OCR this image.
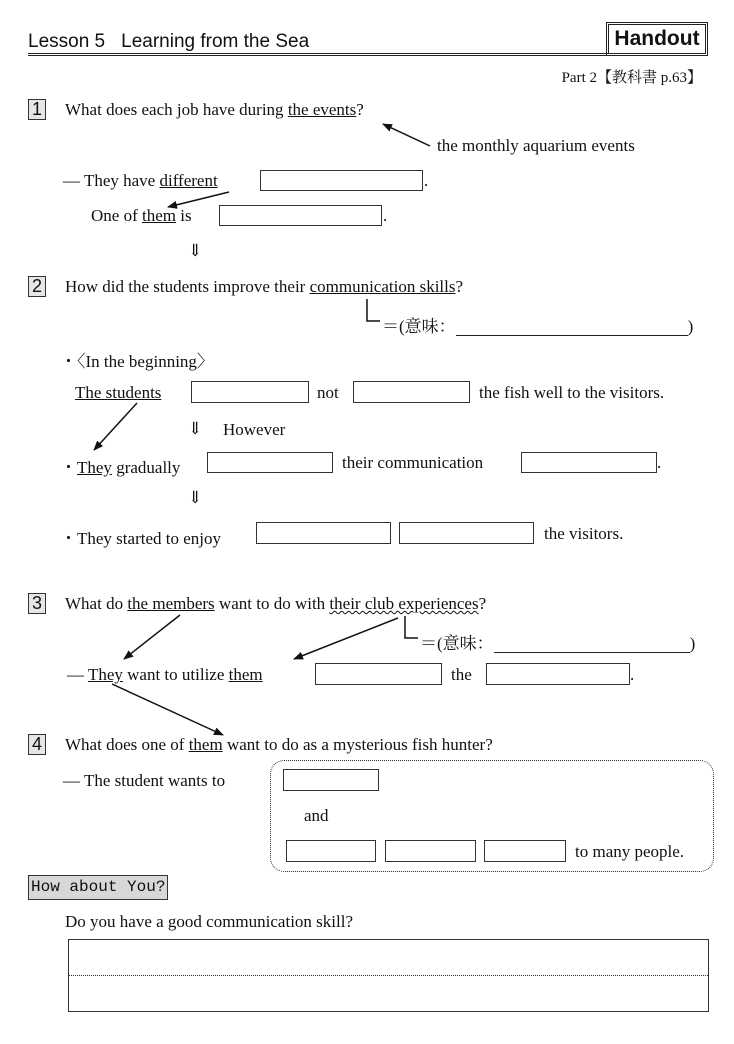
Lesson 5 Learning from the Sea	Handout
Part 2【教科書 p.63】
1 What does each job have during the events?
the monthly aquarium events
― They have different	.
One of them is	.
⇓
2 How did the students improve their communication skills?
＝(意味：	)
・〈In the beginning〉
The students	not	the fish well to the visitors.
⇓ However
・They gradually	their communication	.
⇓
・They started to enjoy	the visitors.
3 What do the members want to do with their club experiences?
＝(意味：	)
― They want to utilize them	the	.
4 What does one of them want to do as a mysterious fish hunter?
― The student wants to
and
to many people.
How about You?
Do you have a good communication skill?
